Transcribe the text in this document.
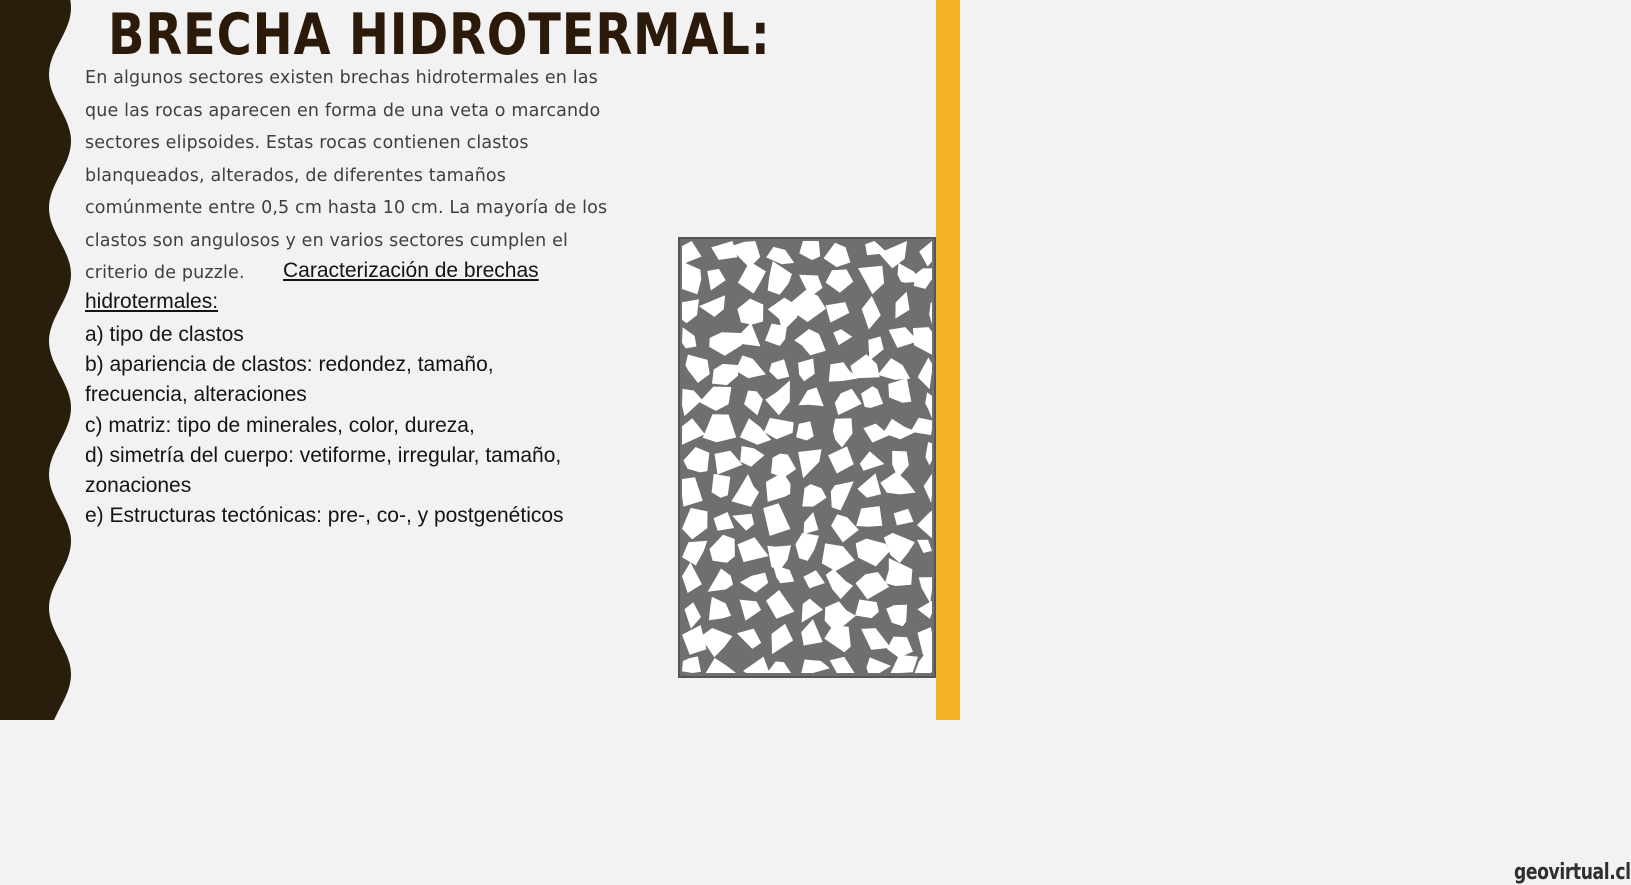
BRECHA HIDROTERMAL:
En algunos sectores existen brechas hidrotermales en las
que las rocas aparecen en forma de una veta o marcando
sectores elipsoides. Estas rocas contienen clastos
blanqueados, alterados, de diferentes tamaños
comúnmente entre 0,5 cm hasta 10 cm. La mayoría de los
clastos son angulosos y en varios sectores cumplen el
criterio de puzzle.	Caracterización de brechas
hidrotermales:
a) tipo de clastos
b) apariencia de clastos: redondez, tamaño,
frecuencia, alteraciones
c) matriz: tipo de minerales, color, dureza,
d) simetría del cuerpo: vetiforme, irregular, tamaño,
zonaciones
e) Estructuras tectónicas: pre-, co-, y postgenéticos
geovirtual.cl
